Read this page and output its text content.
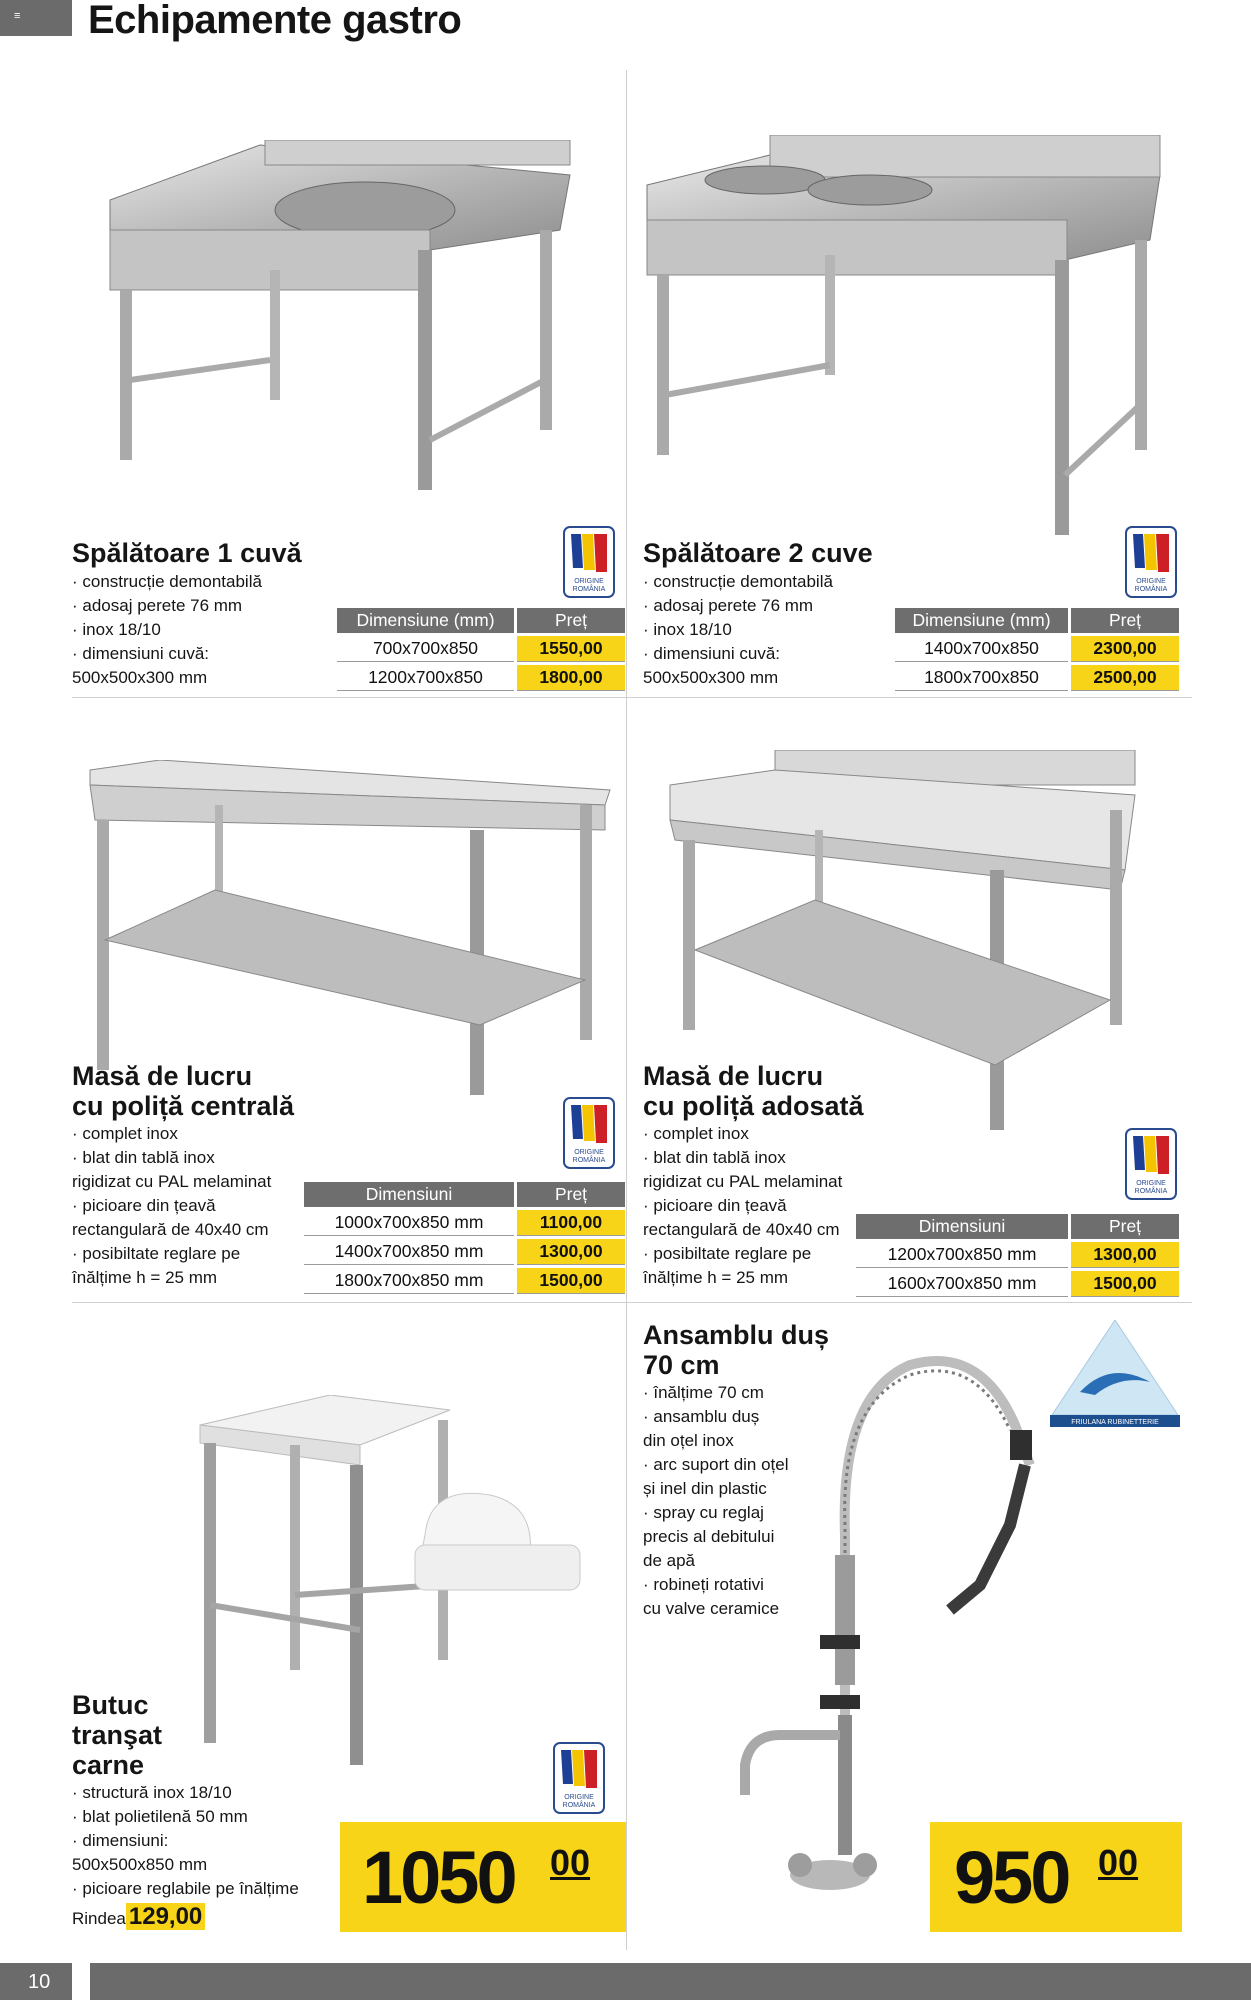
≡ Echipamente gastro
Spălătoare 1 cuvă
· construcție demontabilă
· adosaj perete 76 mm
· inox 18/10
· dimensiuni cuvă:
500x500x300 mm
ORIGINE
ROMÂNIA
Dimensiune (mm)	Preț
700x700x850	1550,00
1200x700x850	1800,00
Spălătoare 2 cuve
· construcție demontabilă
· adosaj perete 76 mm
· inox 18/10
· dimensiuni cuvă:
500x500x300 mm
ORIGINE
ROMÂNIA
Dimensiune (mm)	Preț
1400x700x850	2300,00
1800x700x850	2500,00
Masă de lucru
cu poliță centrală
· complet inox
· blat din tablă inox
rigidizat cu PAL melaminat
· picioare din țeavă
rectangulară de 40x40 cm
· posibiltate reglare pe
înălțime h = 25 mm
ORIGINE
ROMÂNIA
Dimensiuni	Preț
1000x700x850 mm	1100,00
1400x700x850 mm	1300,00
1800x700x850 mm	1500,00
Masă de lucru
cu poliță adosată
· complet inox
· blat din tablă inox
rigidizat cu PAL melaminat
· picioare din țeavă
rectangulară de 40x40 cm
· posibiltate reglare pe
înălțime h = 25 mm
ORIGINE
ROMÂNIA
Dimensiuni	Preț
1200x700x850 mm	1300,00
1600x700x850 mm	1500,00
Butuc
tranşat
carne
· structură inox 18/10
· blat polietilenă 50 mm
· dimensiuni:
500x500x850 mm
· picioare reglabile pe înălțime
Rindea 129,00
ORIGINE
ROMÂNIA
1050 00
Ansamblu duș
70 cm
· înălțime 70 cm
· ansamblu duș
din oțel inox
· arc suport din oțel
și inel din plastic
· spray cu reglaj
precis al debitului
de apă
· robineți rotativi
cu valve ceramice
FRIULANA RUBINETTERIE
950 00
10
